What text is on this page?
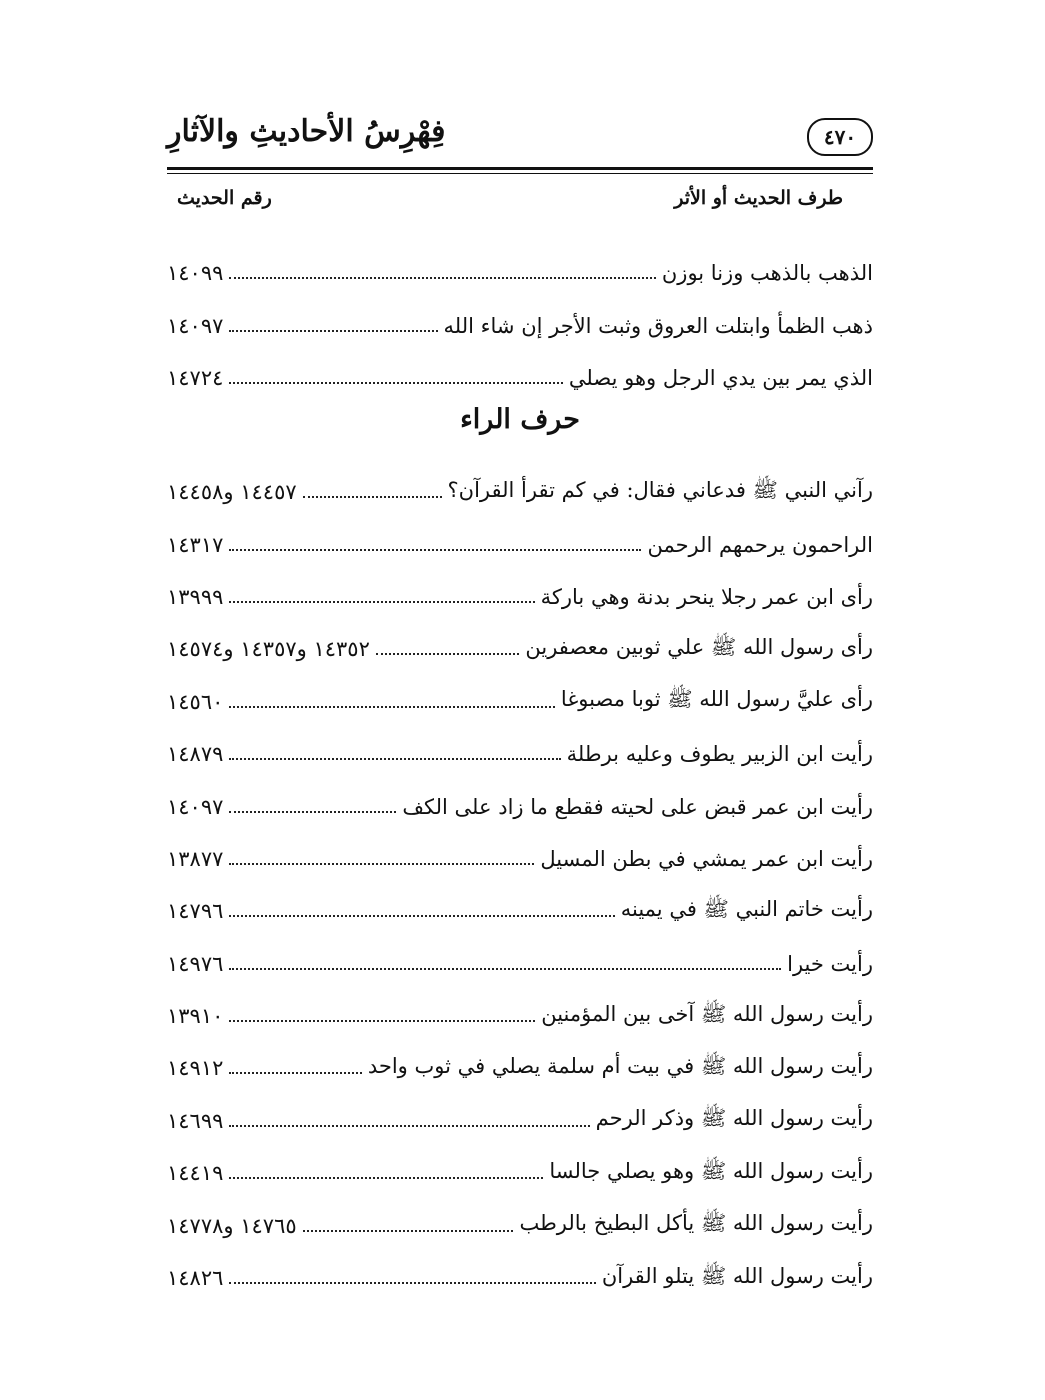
فِهْرِسُ الأحاديثِ والآثارِ	٤٧٠
طرف الحديث أو الأثر
رقم الحديث
الذهب بالذهب وزنا بوزن
١٤٠٩٩
ذهب الظمأ وابتلت العروق وثبت الأجر إن شاء الله
١٤٠٩٧
الذي يمر بين يدي الرجل وهو يصلي
١٤٧٢٤
حرف الراء
رآني النبي ﷺ فدعاني فقال: في كم تقرأ القرآن؟
١٤٤٥٧ و١٤٤٥٨
الراحمون يرحمهم الرحمن
١٤٣١٧
رأى ابن عمر رجلا ينحر بدنة وهي باركة
١٣٩٩٩
رأى رسول الله ﷺ علي ثوبين معصفرين
١٤٣٥٢ و١٤٣٥٧ و١٤٥٧٤
رأى عليَّ رسول الله ﷺ ثوبا مصبوغا
١٤٥٦٠
رأيت ابن الزبير يطوف وعليه برطلة
١٤٨٧٩
رأيت ابن عمر قبض على لحيته فقطع ما زاد على الكف
١٤٠٩٧
رأيت ابن عمر يمشي في بطن المسيل
١٣٨٧٧
رأيت خاتم النبي ﷺ في يمينه
١٤٧٩٦
رأيت خيرا
١٤٩٧٦
رأيت رسول الله ﷺ آخى بين المؤمنين
١٣٩١٠
رأيت رسول الله ﷺ في بيت أم سلمة يصلي في ثوب واحد
١٤٩١٢
رأيت رسول الله ﷺ وذكر الرحم
١٤٦٩٩
رأيت رسول الله ﷺ وهو يصلي جالسا
١٤٤١٩
رأيت رسول الله ﷺ يأكل البطيخ بالرطب
١٤٧٦٥ و١٤٧٧٨
رأيت رسول الله ﷺ يتلو القرآن
١٤٨٢٦
